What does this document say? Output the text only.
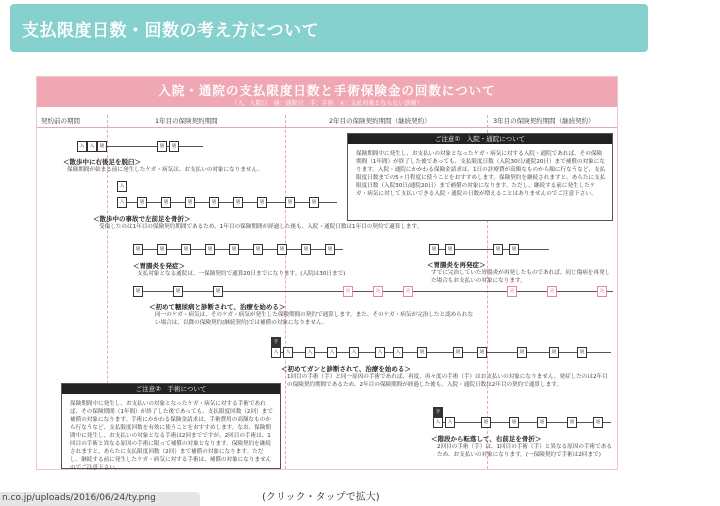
支払限度日数・回数の考え方について
入院・通院の支払限度日数と手術保険金の回数について
（入：入院日　通：通院日　手：手術　×：支払対象とならない診療）
契約前の期間	1年目の保険契約期間	2年目の保険契約期間（継続契約）	3年目の保険契約期間（継続契約）
ご注意①　入院・通院について
保険期間中に発生し、お支払いの対象となったケガ・病気に対する入院・通院であれば、その保険期間（1年間）が終了した後であっても、支払限度日数（入院30日/通院20日）まで補償の対象になります。入院・通院にかかわる保険金請求は、1日の診療費が高額なものから順に行なうなど、支払限度日数までの5ヶ月程度に使うことをおすすめします。保険契約を継続されますと、あらたに支払限度日数（入院30日/通院20日）まで補償の対象になります。ただし、継続する前に発生したケガ・病気に対して支払いできる入院・通院の日数が増えることはありませんのでご注意下さい。
入	入	通	通	通
＜散歩中に右後足を脱臼＞
保険期間が始まる前に発生したケガ・病気は、お支払いの対象になりません。
入
入	通	通	通	通	通	通	通	通
＜散歩中の事故で左前足を骨折＞
受傷したのは1年目の保険契約期間であるため、1年目の保険期間が経過した後も、入院・通院日数は1年目の契約で適算します。
通	通	通	通	通	通	通	通	通
＜胃腸炎を発症＞
支払対象となる通院は、一保険契約で通算20日までになります。(入院は30日まで)
通	通	通	通
＜胃腸炎を再発症＞
すでに完治していた胃腸炎が再発したものであれば、同じ傷病を再発した場合もお支払いの対象になります。
通	通	通	通	通	通	通	通	通
＜初めて糖尿病と診断されて、治療を始める＞
同一のケガ・病気は、そのケガ・病気が発生した保険期間の契約で通算します。また、そのケガ・病気が完治したと認められない場合は、以降の保険契約(継続契約)では補償の対象になりません。
手
入	入	入	入	入	入	入	通	通	通	通	通	通
＜初めてガンと診断されて、治療を始める＞
1回目の手術（手）と同一原因の手術であれば、再度、再々度の手術（手）はお支払いの対象になりません。発症したのは2年目の保険契約期間であるため、2年目の保険期間が経過した後も、入院・通院日数は2年目の契約で通算します。
ご注意②　手術について
保険期間中に発生し、お支払いの対象となったケガ・病気に対する手術であれば、その保険期間（1年間）が終了した後であっても、支払限度回数（2回）まで補償の対象になります。手術にかかわる保険金請求は、手術費用の高額なものから行なうなど、支払限度回数を有効に使うことをおすすめします。なお、保険期間中に発生し、お支払いの対象となる手術は2回までですが、2回目の手術は、1回目の手術と異なる原因の手術に限って補償の対象となります。保険契約を継続されますと、あらたに支払限度回数（2回）まで補償の対象になります。ただし、継続する前に発生したケガ・病気に対する手術は、補償の対象になりませんのでご注意下さい。
手
入	入	通	通	通	通	通
＜階段から転落して、右前足を骨折＞
2回目の手術（手）は、1回目の手術（手）と異なる原因の手術であるため、お支払いの対象になります。(一保険契約で手術は2回まで)
(クリック・タップで拡大)
n.co.jp/uploads/2016/06/24/ty.png
